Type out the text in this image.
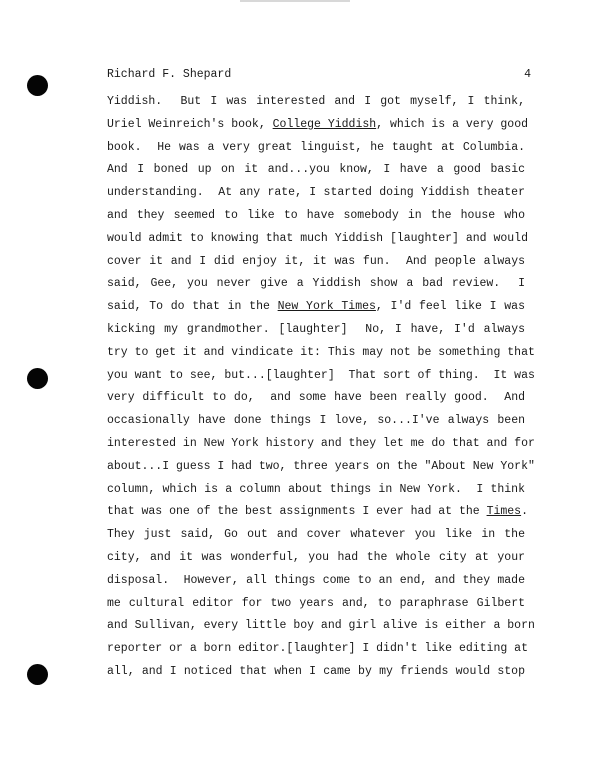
Richard F. Shepard	4
Yiddish.  But I was interested and I got myself, I think,
Uriel Weinreich's book, College Yiddish, which is a very good
book.  He was a very great linguist, he taught at Columbia.
And I boned up on it and...you know, I have a good basic
understanding.  At any rate, I started doing Yiddish theater
and they seemed to like to have somebody in the house who
would admit to knowing that much Yiddish [laughter] and would
cover it and I did enjoy it, it was fun.  And people always
said, Gee, you never give a Yiddish show a bad review.  I
said, To do that in the New York Times, I'd feel like I was
kicking my grandmother. [laughter]  No, I have, I'd always
try to get it and vindicate it: This may not be something that
you want to see, but...[laughter]  That sort of thing.  It was
very difficult to do,  and some have been really good.  And
occasionally have done things I love, so...I've always been
interested in New York history and they let me do that and for
about...I guess I had two, three years on the "About New York"
column, which is a column about things in New York.  I think
that was one of the best assignments I ever had at the Times.
They just said, Go out and cover whatever you like in the
city, and it was wonderful, you had the whole city at your
disposal.  However, all things come to an end, and they made
me cultural editor for two years and, to paraphrase Gilbert
and Sullivan, every little boy and girl alive is either a born
reporter or a born editor.[laughter] I didn't like editing at
all, and I noticed that when I came by my friends would stop
